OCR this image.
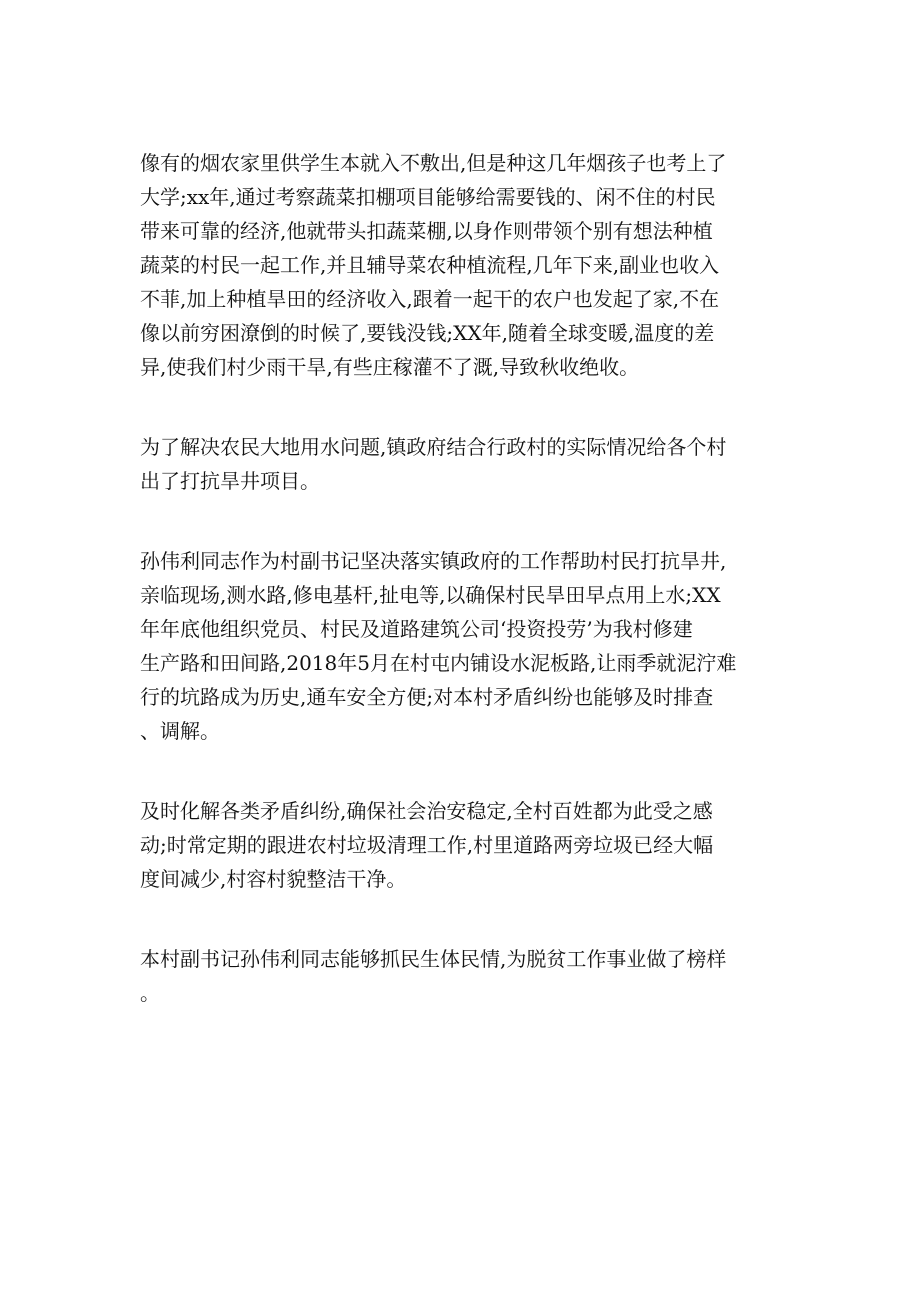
像有的烟农家里供学生本就入不敷出,但是种这几年烟孩子也考上了
大学;xx年,通过考察蔬菜扣棚项目能够给需要钱的、闲不住的村民
带来可靠的经济,他就带头扣蔬菜棚,以身作则带领个别有想法种植
蔬菜的村民一起工作,并且辅导菜农种植流程,几年下来,副业也收入
不菲,加上种植旱田的经济收入,跟着一起干的农户也发起了家,不在
像以前穷困潦倒的时候了,要钱没钱;XX年,随着全球变暖,温度的差
异,使我们村少雨干旱,有些庄稼灌不了溉,导致秋收绝收。

为了解决农民大地用水问题,镇政府结合行政村的实际情况给各个村
出了打抗旱井项目。

孙伟利同志作为村副书记坚决落实镇政府的工作帮助村民打抗旱井,
亲临现场,测水路,修电基杆,扯电等,以确保村民旱田早点用上水;XX
年年底他组织党员、村民及道路建筑公司‘投资投劳’为我村修建
生产路和田间路,2018年5月在村屯内铺设水泥板路,让雨季就泥泞难
行的坑路成为历史,通车安全方便;对本村矛盾纠纷也能够及时排查
、调解。

及时化解各类矛盾纠纷,确保社会治安稳定,全村百姓都为此受之感
动;时常定期的跟进农村垃圾清理工作,村里道路两旁垃圾已经大幅
度间减少,村容村貌整洁干净。

本村副书记孙伟利同志能够抓民生体民情,为脱贫工作事业做了榜样
。
